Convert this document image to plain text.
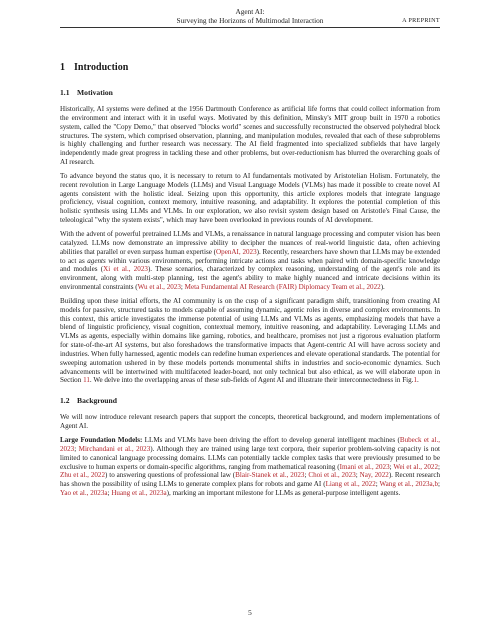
Agent AI:
Surveying the Horizons of Multimodal Interaction	A PREPRINT
1 Introduction
1.1 Motivation

Historically, AI systems were defined at the 1956 Dartmouth Conference as artificial life forms that could collect information from the environment and interact with it in useful ways. Motivated by this definition, Minsky's MIT group built in 1970 a robotics system, called the "Copy Demo," that observed "blocks world" scenes and successfully reconstructed the observed polyhedral block structures. The system, which comprised observation, planning, and manipulation modules, revealed that each of these subproblems is highly challenging and further research was necessary. The AI field fragmented into specialized subfields that have largely independently made great progress in tackling these and other problems, but over-reductionism has blurred the overarching goals of AI research.

To advance beyond the status quo, it is necessary to return to AI fundamentals motivated by Aristotelian Holism. Fortunately, the recent revolution in Large Language Models (LLMs) and Visual Language Models (VLMs) has made it possible to create novel AI agents consistent with the holistic ideal. Seizing upon this opportunity, this article explores models that integrate language proficiency, visual cognition, context memory, intuitive reasoning, and adaptability. It explores the potential completion of this holistic synthesis using LLMs and VLMs. In our exploration, we also revisit system design based on Aristotle's Final Cause, the teleological "why the system exists", which may have been overlooked in previous rounds of AI development.

With the advent of powerful pretrained LLMs and VLMs, a renaissance in natural language processing and computer vision has been catalyzed. LLMs now demonstrate an impressive ability to decipher the nuances of real-world linguistic data, often achieving abilities that parallel or even surpass human expertise (OpenAI, 2023). Recently, researchers have shown that LLMs may be extended to act as agents within various environments, performing intricate actions and tasks when paired with domain-specific knowledge and modules (Xi et al., 2023). These scenarios, characterized by complex reasoning, understanding of the agent's role and its environment, along with multi-step planning, test the agent's ability to make highly nuanced and intricate decisions within its environmental constraints (Wu et al., 2023; Meta Fundamental AI Research (FAIR) Diplomacy Team et al., 2022).

Building upon these initial efforts, the AI community is on the cusp of a significant paradigm shift, transitioning from creating AI models for passive, structured tasks to models capable of assuming dynamic, agentic roles in diverse and complex environments. In this context, this article investigates the immense potential of using LLMs and VLMs as agents, emphasizing models that have a blend of linguistic proficiency, visual cognition, contextual memory, intuitive reasoning, and adaptability. Leveraging LLMs and VLMs as agents, especially within domains like gaming, robotics, and healthcare, promises not just a rigorous evaluation platform for state-of-the-art AI systems, but also foreshadows the transformative impacts that Agent-centric AI will have across society and industries. When fully harnessed, agentic models can redefine human experiences and elevate operational standards. The potential for sweeping automation ushered in by these models portends monumental shifts in industries and socio-economic dynamics. Such advancements will be intertwined with multifaceted leader-board, not only technical but also ethical, as we will elaborate upon in Section 11. We delve into the overlapping areas of these sub-fields of Agent AI and illustrate their interconnectedness in Fig.1.

1.2 Background

We will now introduce relevant research papers that support the concepts, theoretical background, and modern implementations of Agent AI.

Large Foundation Models: LLMs and VLMs have been driving the effort to develop general intelligent machines (Bubeck et al., 2023; Mirchandani et al., 2023). Although they are trained using large text corpora, their superior problem-solving capacity is not limited to canonical language processing domains. LLMs can potentially tackle complex tasks that were previously presumed to be exclusive to human experts or domain-specific algorithms, ranging from mathematical reasoning (Imani et al., 2023; Wei et al., 2022; Zhu et al., 2022) to answering questions of professional law (Blair-Stanek et al., 2023; Choi et al., 2023; Nay, 2022). Recent research has shown the possibility of using LLMs to generate complex plans for robots and game AI (Liang et al., 2022; Wang et al., 2023a,b; Yao et al., 2023a; Huang et al., 2023a), marking an important milestone for LLMs as general-purpose intelligent agents.

5
